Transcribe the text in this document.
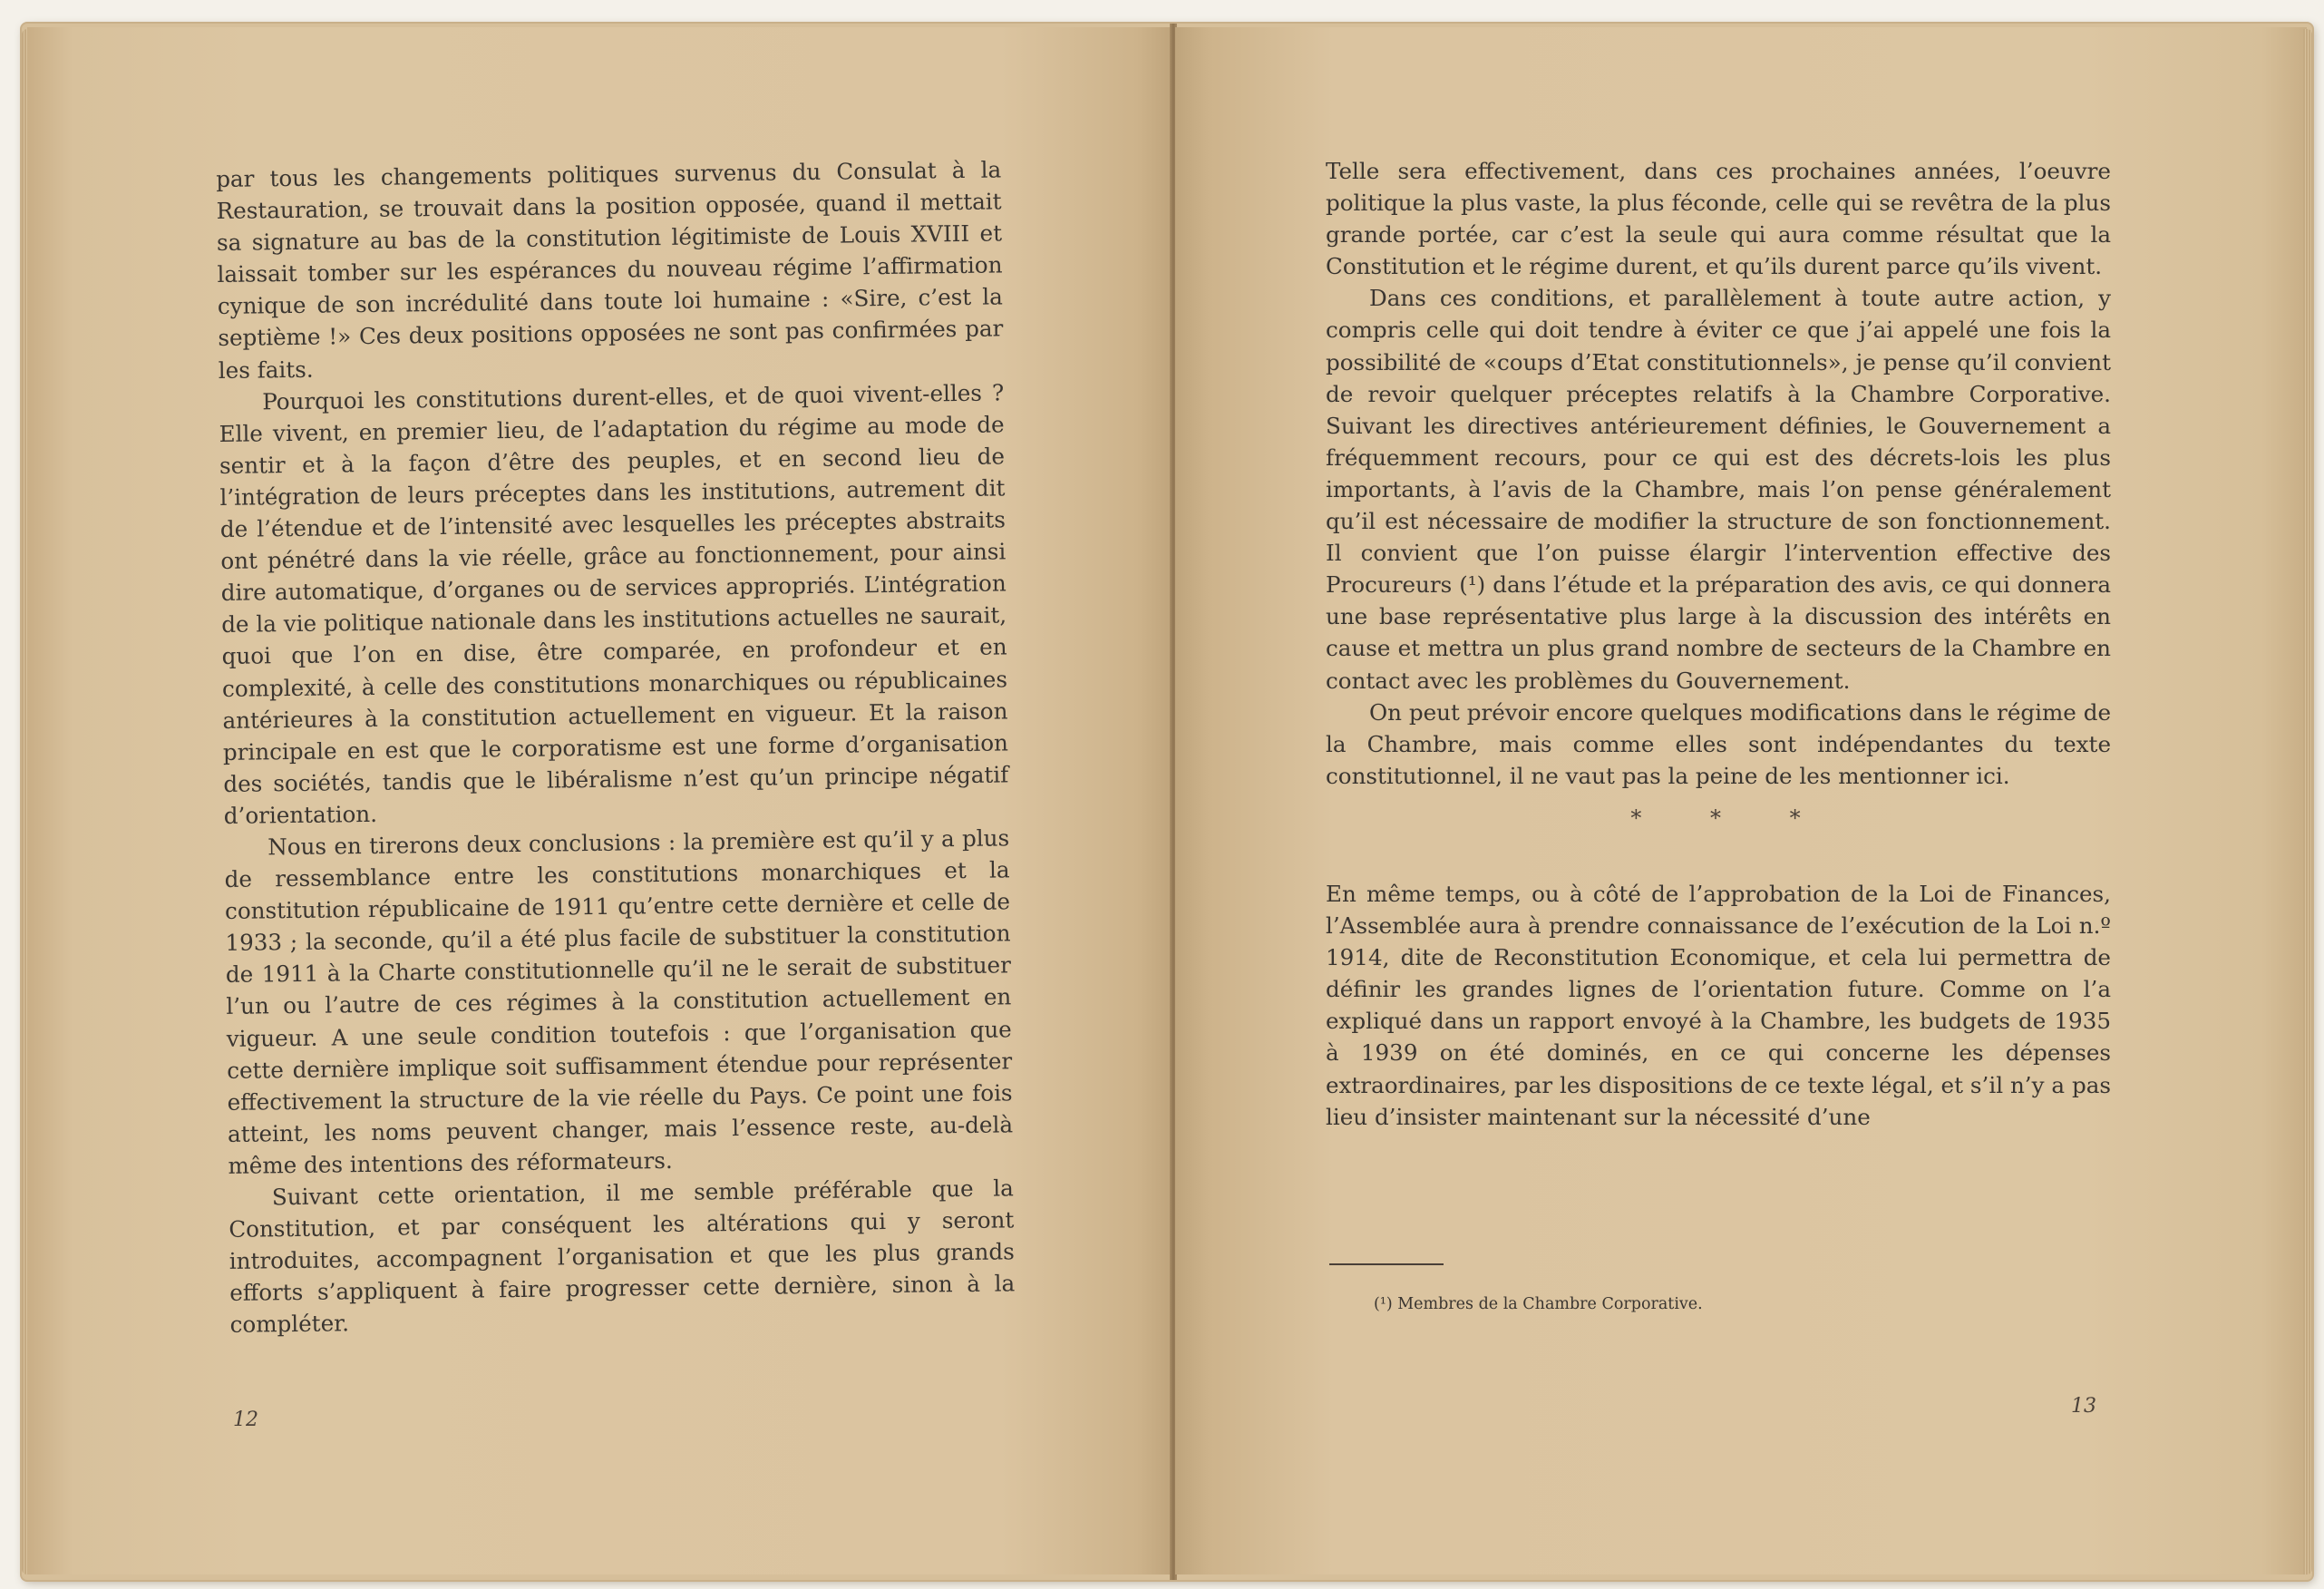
par tous les changements politiques survenus du Consulat à la Restauration, se trouvait dans la position opposée, quand il mettait sa signature au bas de la constitution légitimiste de Louis XVIII et laissait tomber sur les espérances du nouveau régime l’affirmation cynique de son incrédulité dans toute loi humaine : «Sire, c’est la septième !» Ces deux positions opposées ne sont pas confirmées par les faits.

Pourquoi les constitutions durent-elles, et de quoi vivent-elles ? Elle vivent, en premier lieu, de l’adaptation du régime au mode de sentir et à la façon d’être des peuples, et en second lieu de l’intégration de leurs préceptes dans les institutions, autrement dit de l’étendue et de l’intensité avec lesquelles les préceptes abstraits ont pénétré dans la vie réelle, grâce au fonctionnement, pour ainsi dire automatique, d’organes ou de services appropriés. L’intégration de la vie politique nationale dans les institutions actuelles ne saurait, quoi que l’on en dise, être comparée, en profondeur et en complexité, à celle des constitutions monarchiques ou républicaines antérieures à la constitution actuellement en vigueur. Et la raison principale en est que le corporatisme est une forme d’organisation des sociétés, tandis que le libéralisme n’est qu’un principe négatif d’orientation.

Nous en tirerons deux conclusions : la première est qu’il y a plus de ressemblance entre les constitutions monarchiques et la constitution républicaine de 1911 qu’entre cette dernière et celle de 1933 ; la seconde, qu’il a été plus facile de substituer la constitution de 1911 à la Charte constitutionnelle qu’il ne le serait de substituer l’un ou l’autre de ces régimes à la constitution actuellement en vigueur. A une seule condition toutefois : que l’organisation que cette dernière implique soit suffisamment étendue pour représenter effectivement la structure de la vie réelle du Pays. Ce point une fois atteint, les noms peuvent changer, mais l’essence reste, au-delà même des intentions des réformateurs.

Suivant cette orientation, il me semble préférable que la Constitution, et par conséquent les altérations qui y seront introduites, accompagnent l’organisation et que les plus grands efforts s’appliquent à faire progresser cette dernière, sinon à la compléter.

12

Telle sera effectivement, dans ces prochaines années, l’oeuvre politique la plus vaste, la plus féconde, celle qui se revêtra de la plus grande portée, car c’est la seule qui aura comme résultat que la Constitution et le régime durent, et qu’ils durent parce qu’ils vivent.

Dans ces conditions, et parallèlement à toute autre action, y compris celle qui doit tendre à éviter ce que j’ai appelé une fois la possibilité de «coups d’Etat constitutionnels», je pense qu’il convient de revoir quelquer préceptes relatifs à la Chambre Corporative. Suivant les directives antérieurement définies, le Gouvernement a fréquemment recours, pour ce qui est des décrets-lois les plus importants, à l’avis de la Chambre, mais l’on pense généralement qu’il est nécessaire de modifier la structure de son fonctionnement. Il convient que l’on puisse élargir l’intervention effective des Procureurs (¹) dans l’étude et la préparation des avis, ce qui donnera une base représentative plus large à la discussion des intérêts en cause et mettra un plus grand nombre de secteurs de la Chambre en contact avec les problèmes du Gouvernement.

On peut prévoir encore quelques modifications dans le régime de la Chambre, mais comme elles sont indépendantes du texte constitutionnel, il ne vaut pas la peine de les mentionner ici.

* * *

En même temps, ou à côté de l’approbation de la Loi de Finances, l’Assemblée aura à prendre connaissance de l’exécution de la Loi n.º 1914, dite de Reconstitution Economique, et cela lui permettra de définir les grandes lignes de l’orientation future. Comme on l’a expliqué dans un rapport envoyé à la Chambre, les budgets de 1935 à 1939 on été dominés, en ce qui concerne les dépenses extraordinaires, par les dispositions de ce texte légal, et s’il n’y a pas lieu d’insister maintenant sur la nécessité d’une

(¹) Membres de la Chambre Corporative.
13
